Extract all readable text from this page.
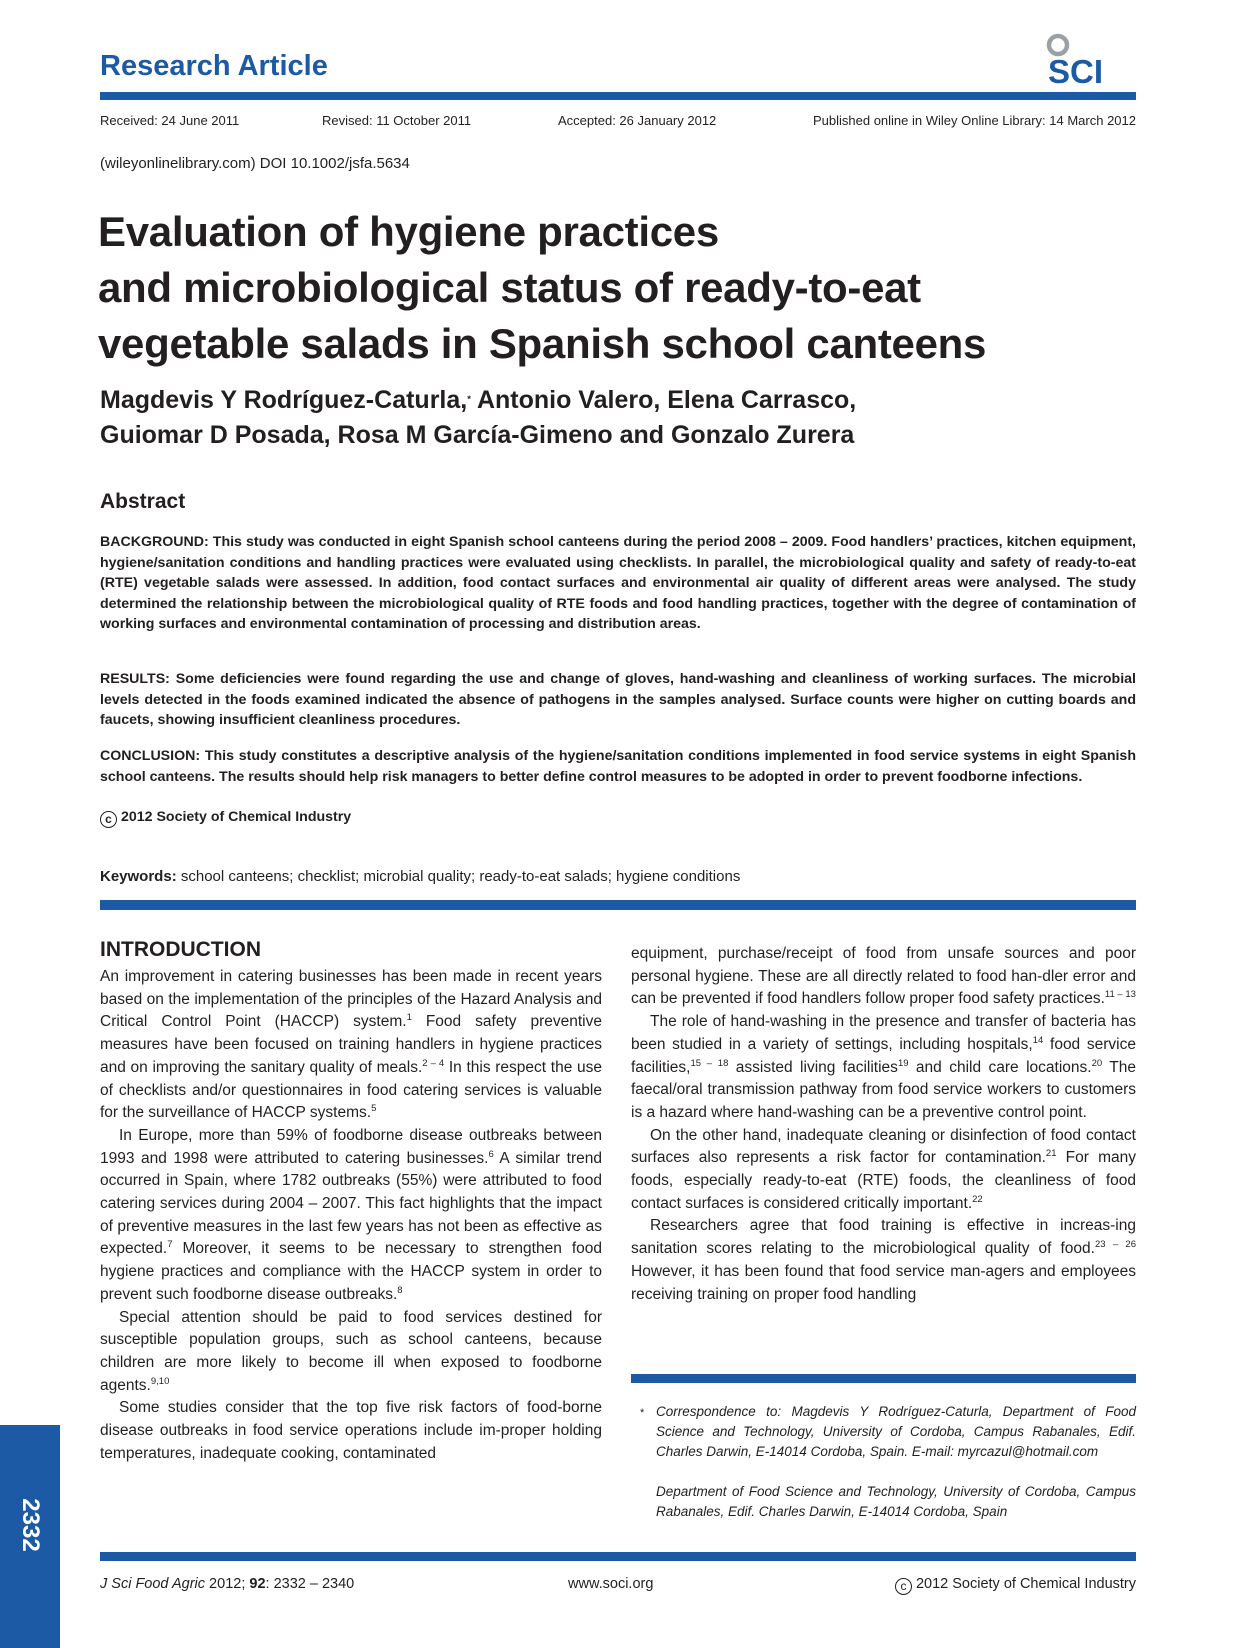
Research Article	SCI
Received: 24 June 2011	Revised: 11 October 2011	Accepted: 26 January 2012	Published online in Wiley Online Library: 14 March 2012
(wileyonlinelibrary.com) DOI 10.1002/jsfa.5634
Evaluation of hygiene practices
and microbiological status of ready-to-eat
vegetable salads in Spanish school canteens

Magdevis Y Rodríguez-Caturla,* Antonio Valero, Elena Carrasco,
Guiomar D Posada, Rosa M García-Gimeno and Gonzalo Zurera

Abstract

BACKGROUND: This study was conducted in eight Spanish school canteens during the period 2008 – 2009. Food handlers’ practices, kitchen equipment, hygiene/sanitation conditions and handling practices were evaluated using checklists. In parallel, the microbiological quality and safety of ready-to-eat (RTE) vegetable salads were assessed. In addition, food contact surfaces and environmental air quality of different areas were analysed. The study determined the relationship between the microbiological quality of RTE foods and food handling practices, together with the degree of contamination of working surfaces and environmental contamination of processing and distribution areas.

RESULTS: Some deficiencies were found regarding the use and change of gloves, hand-washing and cleanliness of working surfaces. The microbial levels detected in the foods examined indicated the absence of pathogens in the samples analysed. Surface counts were higher on cutting boards and faucets, showing insufficient cleanliness procedures.

CONCLUSION: This study constitutes a descriptive analysis of the hygiene/sanitation conditions implemented in food service systems in eight Spanish school canteens. The results should help risk managers to better define control measures to be adopted in order to prevent foodborne infections.

c 2012 Society of Chemical Industry

Keywords: school canteens; checklist; microbial quality; ready-to-eat salads; hygiene conditions
INTRODUCTION

An improvement in catering businesses has been made in recent years based on the implementation of the principles of the Hazard Analysis and Critical Control Point (HACCP) system.$^1$ Food safety preventive measures have been focused on training handlers in hygiene practices and on improving the sanitary quality of meals.$^{2 - 4}$ In this respect the use of checklists and/or questionnaires in food catering services is valuable for the surveillance of HACCP systems.$^5$

In Europe, more than 59% of foodborne disease outbreaks between 1993 and 1998 were attributed to catering businesses.$^6$ A similar trend occurred in Spain, where 1782 outbreaks (55%) were attributed to food catering services during 2004 – 2007. This fact highlights that the impact of preventive measures in the last few years has not been as effective as expected.$^7$ Moreover, it seems to be necessary to strengthen food hygiene practices and compliance with the HACCP system in order to prevent such foodborne disease outbreaks.$^8$

Special attention should be paid to food services destined for susceptible population groups, such as school canteens, because children are more likely to become ill when exposed to foodborne agents.$^{9,10}$

Some studies consider that the top five risk factors of food-borne disease outbreaks in food service operations include im-proper holding temperatures, inadequate cooking, contaminated

equipment, purchase/receipt of food from unsafe sources and poor personal hygiene. These are all directly related to food han-dler error and can be prevented if food handlers follow proper food safety practices.$^{11 - 13}$

The role of hand-washing in the presence and transfer of bacteria has been studied in a variety of settings, including hospitals,$^{14}$ food service facilities,$^{15 - 18}$ assisted living facilities$^{19}$ and child care locations.$^{20}$ The faecal/oral transmission pathway from food service workers to customers is a hazard where hand-washing can be a preventive control point.

On the other hand, inadequate cleaning or disinfection of food contact surfaces also represents a risk factor for contamination.$^{21}$ For many foods, especially ready-to-eat (RTE) foods, the cleanliness of food contact surfaces is considered critically important.$^{22}$

Researchers agree that food training is effective in increas-ing sanitation scores relating to the microbiological quality of food.$^{23 - 26}$ However, it has been found that food service man-agers and employees receiving training on proper food handling

* Correspondence to: Magdevis Y Rodríguez-Caturla, Department of Food Science and Technology, University of Cordoba, Campus Rabanales, Edif. Charles Darwin, E-14014 Cordoba, Spain. E-mail: myrcazul@hotmail.com

Department of Food Science and Technology, University of Cordoba, Campus Rabanales, Edif. Charles Darwin, E-14014 Cordoba, Spain

2332
J Sci Food Agric 2012; 92: 2332 – 2340	www.soci.org	c 2012 Society of Chemical Industry
